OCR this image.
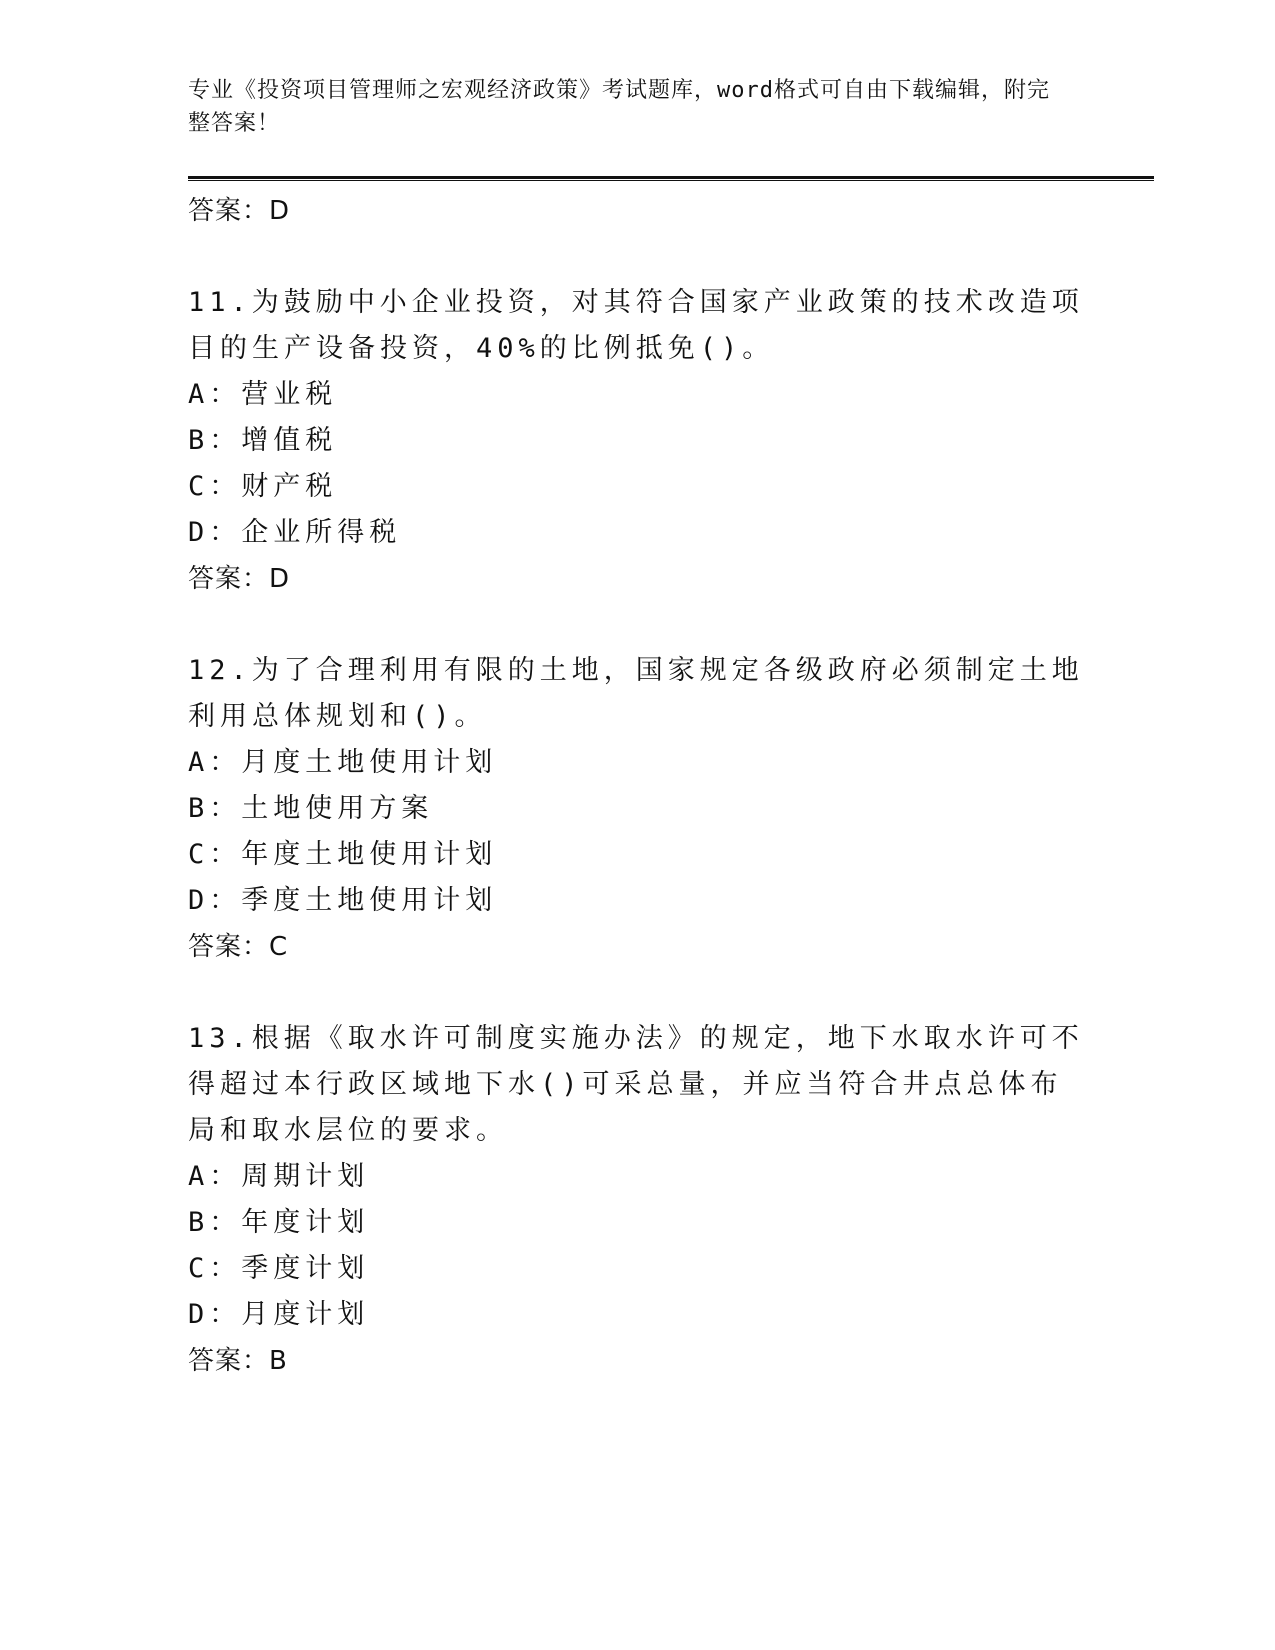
专业《投资项目管理师之宏观经济政策》考试题库，word格式可自由下载编辑，附完整答案！
答案：D
11.为鼓励中小企业投资，对其符合国家产业政策的技术改造项目的生产设备投资，40%的比例抵免()。
A：营业税
B：增值税
C：财产税
D：企业所得税
答案：D
12.为了合理利用有限的土地，国家规定各级政府必须制定土地利用总体规划和()。
A：月度土地使用计划
B：土地使用方案
C：年度土地使用计划
D：季度土地使用计划
答案：C
13.根据《取水许可制度实施办法》的规定，地下水取水许可不得超过本行政区域地下水()可采总量，并应当符合井点总体布局和取水层位的要求。
A：周期计划
B：年度计划
C：季度计划
D：月度计划
答案：B
